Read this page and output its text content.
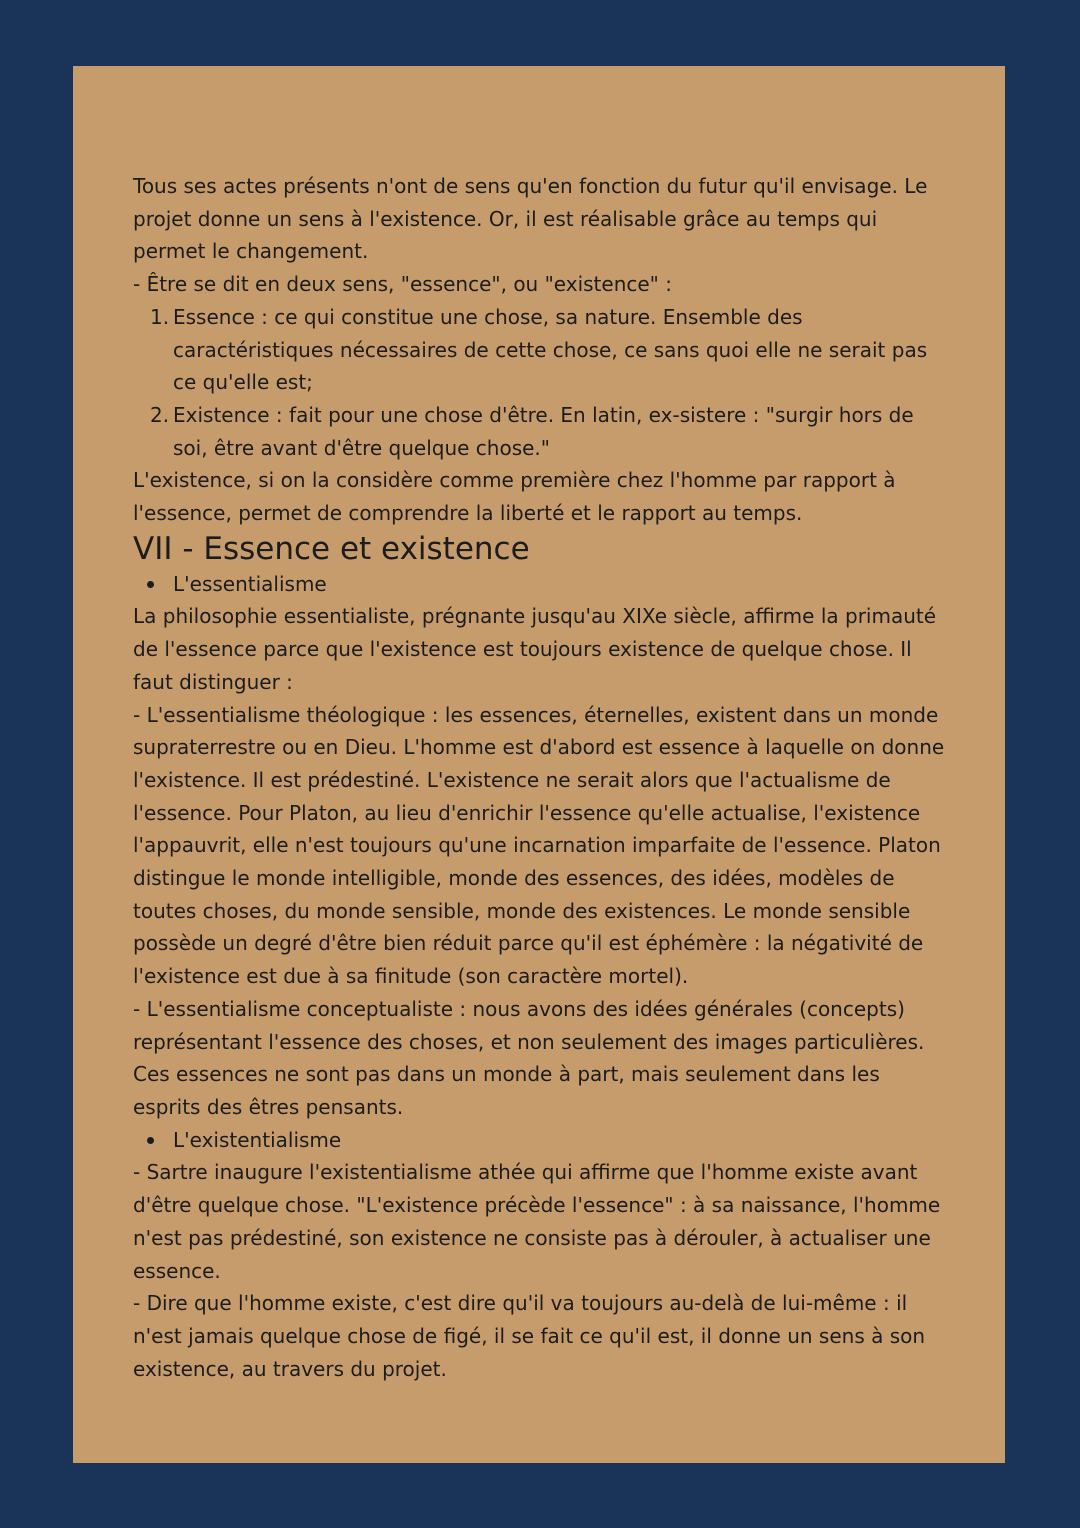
Tous ses actes présents n'ont de sens qu'en fonction du futur qu'il envisage. Le projet donne un sens à l'existence. Or, il est réalisable grâce au temps qui permet le changement.

- Être se dit en deux sens, "essence", ou "existence" :

1. Essence : ce qui constitue une chose, sa nature. Ensemble des caractéristiques nécessaires de cette chose, ce sans quoi elle ne serait pas ce qu'elle est;
2. Existence : fait pour une chose d'être. En latin, ex-sistere : "surgir hors de soi, être avant d'être quelque chose."

L'existence, si on la considère comme première chez l'homme par rapport à l'essence, permet de comprendre la liberté et le rapport au temps.

VII - Essence et existence
L'essentialisme

La philosophie essentialiste, prégnante jusqu'au XIXe siècle, affirme la primauté de l'essence parce que l'existence est toujours existence de quelque chose. Il faut distinguer :

- L'essentialisme théologique : les essences, éternelles, existent dans un monde supraterrestre ou en Dieu. L'homme est d'abord est essence à laquelle on donne l'existence. Il est prédestiné. L'existence ne serait alors que l'actualisme de l'essence. Pour Platon, au lieu d'enrichir l'essence qu'elle actualise, l'existence l'appauvrit, elle n'est toujours qu'une incarnation imparfaite de l'essence. Platon distingue le monde intelligible, monde des essences, des idées, modèles de toutes choses, du monde sensible, monde des existences. Le monde sensible possède un degré d'être bien réduit parce qu'il est éphémère : la négativité de l'existence est due à sa finitude (son caractère mortel).

- L'essentialisme conceptualiste : nous avons des idées générales (concepts) représentant l'essence des choses, et non seulement des images particulières. Ces essences ne sont pas dans un monde à part, mais seulement dans les esprits des êtres pensants.

L'existentialisme

- Sartre inaugure l'existentialisme athée qui affirme que l'homme existe avant d'être quelque chose. "L'existence précède l'essence" : à sa naissance, l'homme n'est pas prédestiné, son existence ne consiste pas à dérouler, à actualiser une essence.

- Dire que l'homme existe, c'est dire qu'il va toujours au-delà de lui-même : il n'est jamais quelque chose de figé, il se fait ce qu'il est, il donne un sens à son existence, au travers du projet.
